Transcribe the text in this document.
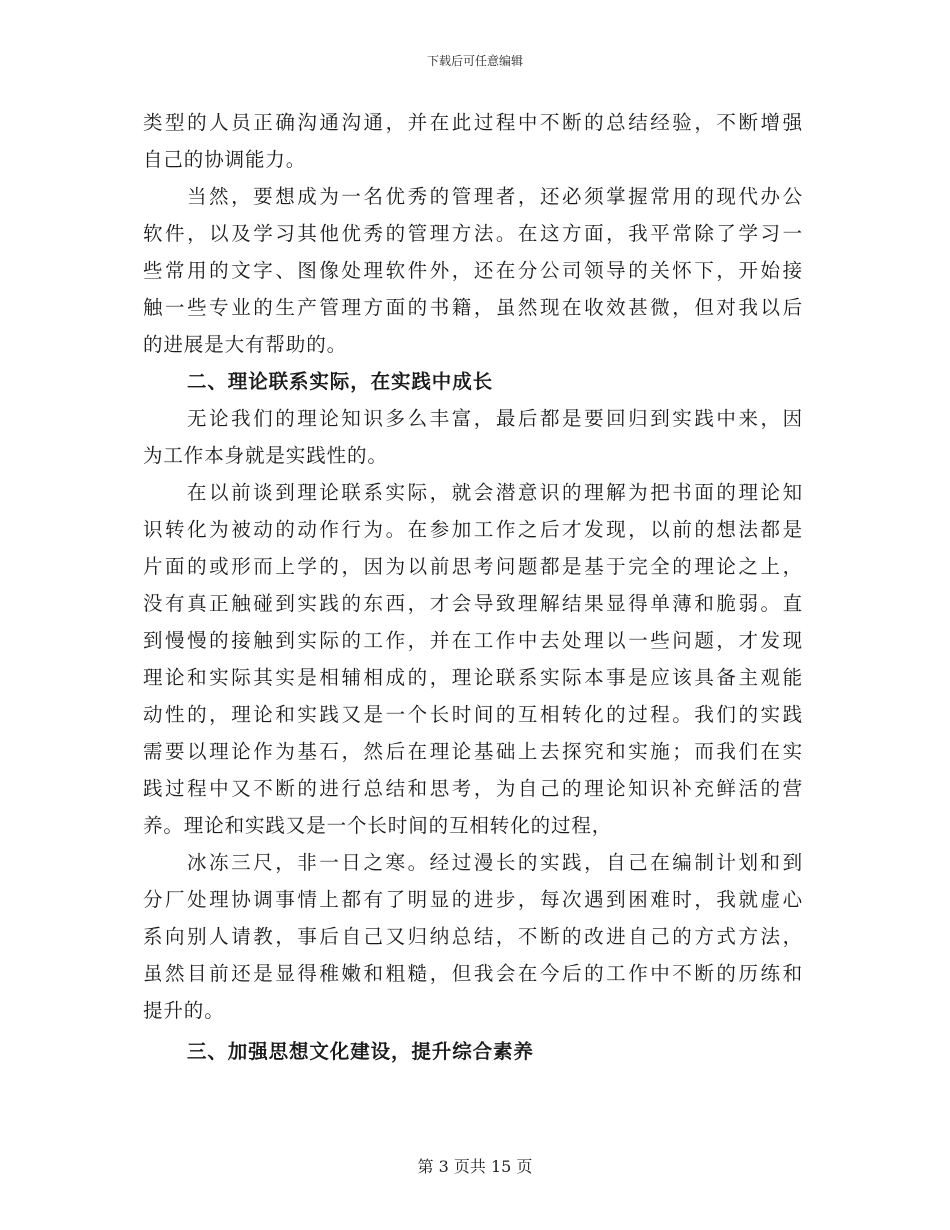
下载后可任意编辑
类型的人员正确沟通沟通，并在此过程中不断的总结经验，不断增强
自己的协调能力。
当然，要想成为一名优秀的管理者，还必须掌握常用的现代办公
软件，以及学习其他优秀的管理方法。在这方面，我平常除了学习一
些常用的文字、图像处理软件外，还在分公司领导的关怀下，开始接
触一些专业的生产管理方面的书籍，虽然现在收效甚微，但对我以后
的进展是大有帮助的。
二、理论联系实际，在实践中成长
无论我们的理论知识多么丰富，最后都是要回归到实践中来，因
为工作本身就是实践性的。
在以前谈到理论联系实际，就会潜意识的理解为把书面的理论知
识转化为被动的动作行为。在参加工作之后才发现，以前的想法都是
片面的或形而上学的，因为以前思考问题都是基于完全的理论之上，
没有真正触碰到实践的东西，才会导致理解结果显得单薄和脆弱。直
到慢慢的接触到实际的工作，并在工作中去处理以一些问题，才发现
理论和实际其实是相辅相成的，理论联系实际本事是应该具备主观能
动性的，理论和实践又是一个长时间的互相转化的过程。我们的实践
需要以理论作为基石，然后在理论基础上去探究和实施；而我们在实
践过程中又不断的进行总结和思考，为自己的理论知识补充鲜活的营
养。理论和实践又是一个长时间的互相转化的过程，
冰冻三尺，非一日之寒。经过漫长的实践，自己在编制计划和到
分厂处理协调事情上都有了明显的进步，每次遇到困难时，我就虚心
系向别人请教，事后自己又归纳总结，不断的改进自己的方式方法，
虽然目前还是显得稚嫩和粗糙，但我会在今后的工作中不断的历练和
提升的。
三、加强思想文化建设，提升综合素养
第 3 页共 15 页
